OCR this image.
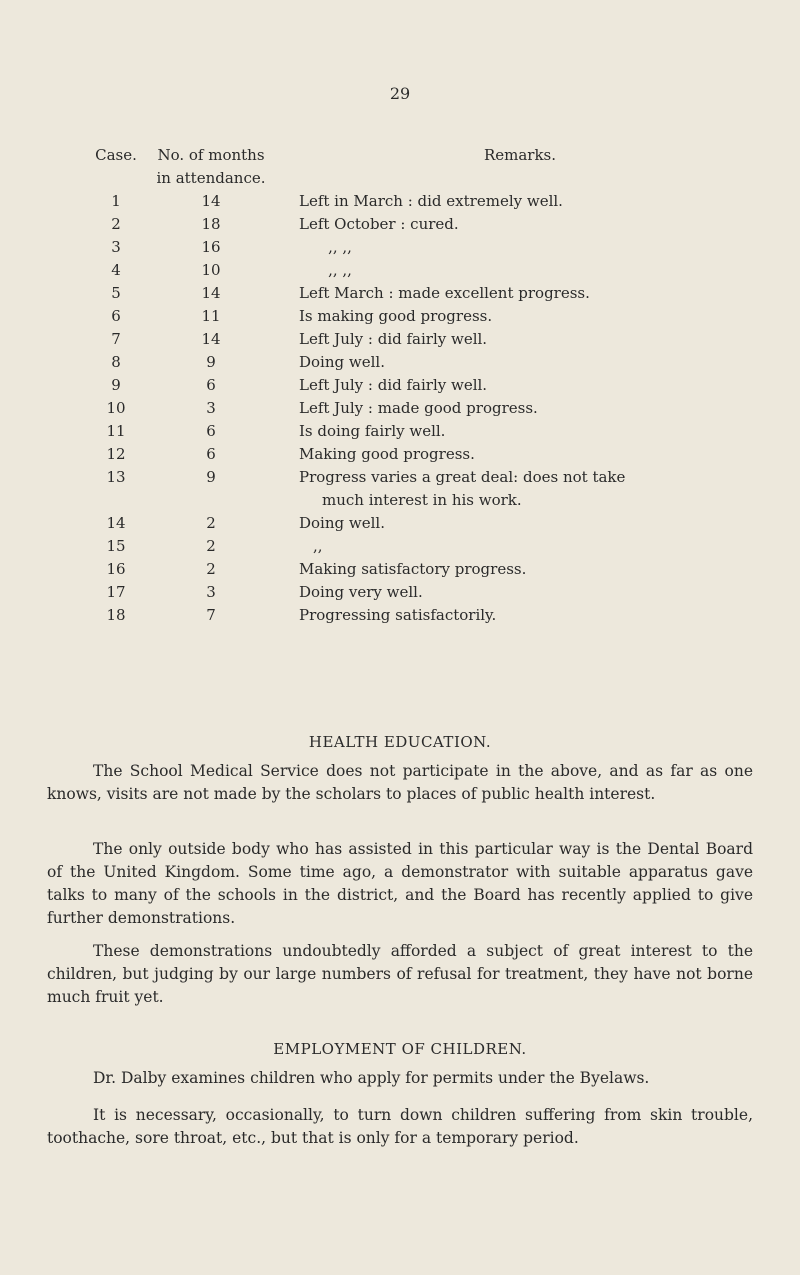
29
Case.	No. of months
in attendance.		Remarks.
1	14		Left in March : did extremely well.
2	18		Left October : cured.
3	16		,, ,,
4	10		,, ,,
5	14		Left March : made excellent progress.
6	11		Is making good progress.
7	14		Left July : did fairly well.
8	9		Doing well.
9	6		Left July : did fairly well.
10	3		Left July : made good progress.
11	6		Is doing fairly well.
12	6		Making good progress.
13	9		Progress varies a great deal: does not take
much interest in his work.

14	2		Doing well.
15	2		,,
16	2		Making satisfactory progress.
17	3		Doing very well.
18	7		Progressing satisfactorily.
HEALTH EDUCATION.

The School Medical Service does not participate in the above, and as far as one knows, visits are not made by the scholars to places of public health interest.

The only outside body who has assisted in this particular way is the Dental Board of the United Kingdom. Some time ago, a demonstrator with suitable apparatus gave talks to many of the schools in the district, and the Board has recently applied to give further demonstrations.

These demonstrations undoubtedly afforded a subject of great interest to the children, but judging by our large numbers of refusal for treatment, they have not borne much fruit yet.

EMPLOYMENT OF CHILDREN.

Dr. Dalby examines children who apply for permits under the Byelaws.

It is necessary, occasionally, to turn down children suffering from skin trouble, toothache, sore throat, etc., but that is only for a temporary period.
